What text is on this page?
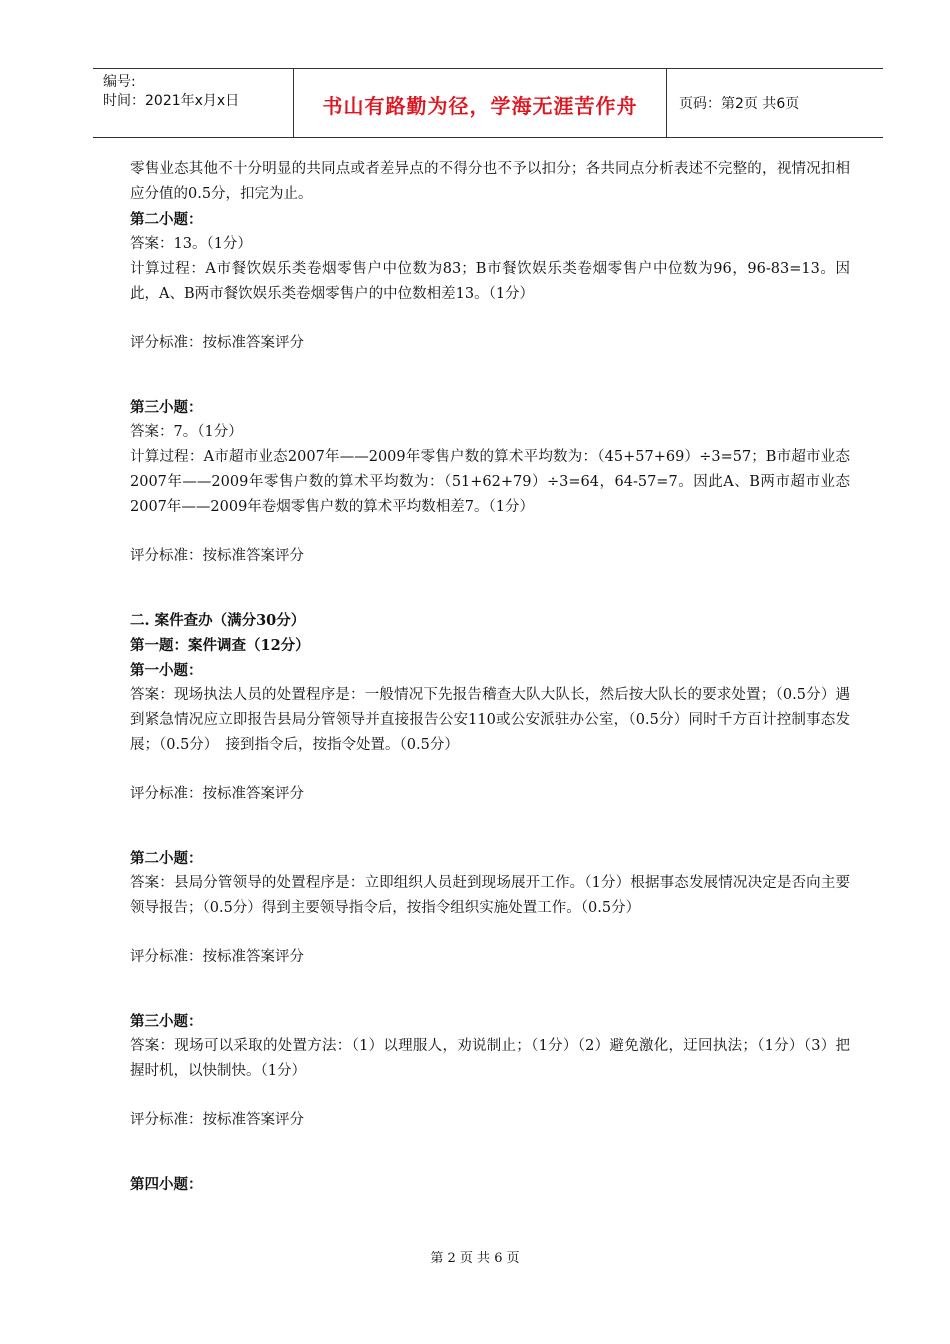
编号:
时间：2021年x月x日	书山有路勤为径，学海无涯苦作舟	页码：第2页 共6页

零售业态其他不十分明显的共同点或者差异点的不得分也不予以扣分；各共同点分析表述不完整的，视情况扣相应分值的0.5分，扣完为止。

第二小题：

答案：13。（1分）

计算过程：A市餐饮娱乐类卷烟零售户中位数为83；B市餐饮娱乐类卷烟零售户中位数为96，96-83=13。因此，A、B两市餐饮娱乐类卷烟零售户的中位数相差13。（1分）

评分标准：按标准答案评分

第三小题：

答案：7。（1分）

计算过程：A市超市业态2007年——2009年零售户数的算术平均数为：（45+57+69）÷3=57；B市超市业态2007年——2009年零售户数的算术平均数为：（51+62+79）÷3=64，64-57=7。因此A、B两市超市业态2007年——2009年卷烟零售户数的算术平均数相差7。（1分）

评分标准：按标准答案评分

二. 案件查办（满分30分）

第一题：案件调查（12分）

第一小题：

答案：现场执法人员的处置程序是：一般情况下先报告稽查大队大队长，然后按大队长的要求处置；（0.5分）遇到紧急情况应立即报告县局分管领导并直接报告公安110或公安派驻办公室，（0.5分）同时千方百计控制事态发展；（0.5分）　接到指令后，按指令处置。（0.5分）

评分标准：按标准答案评分

第二小题：

答案：县局分管领导的处置程序是：立即组织人员赶到现场展开工作。（1分）根据事态发展情况决定是否向主要领导报告；（0.5分）得到主要领导指令后，按指令组织实施处置工作。（0.5分）

评分标准：按标准答案评分

第三小题：

答案：现场可以采取的处置方法：（1）以理服人，劝说制止；（1分）（2）避免激化，迂回执法；（1分）（3）把握时机，以快制快。（1分）

评分标准：按标准答案评分

第四小题：

第 2 页 共 6 页
